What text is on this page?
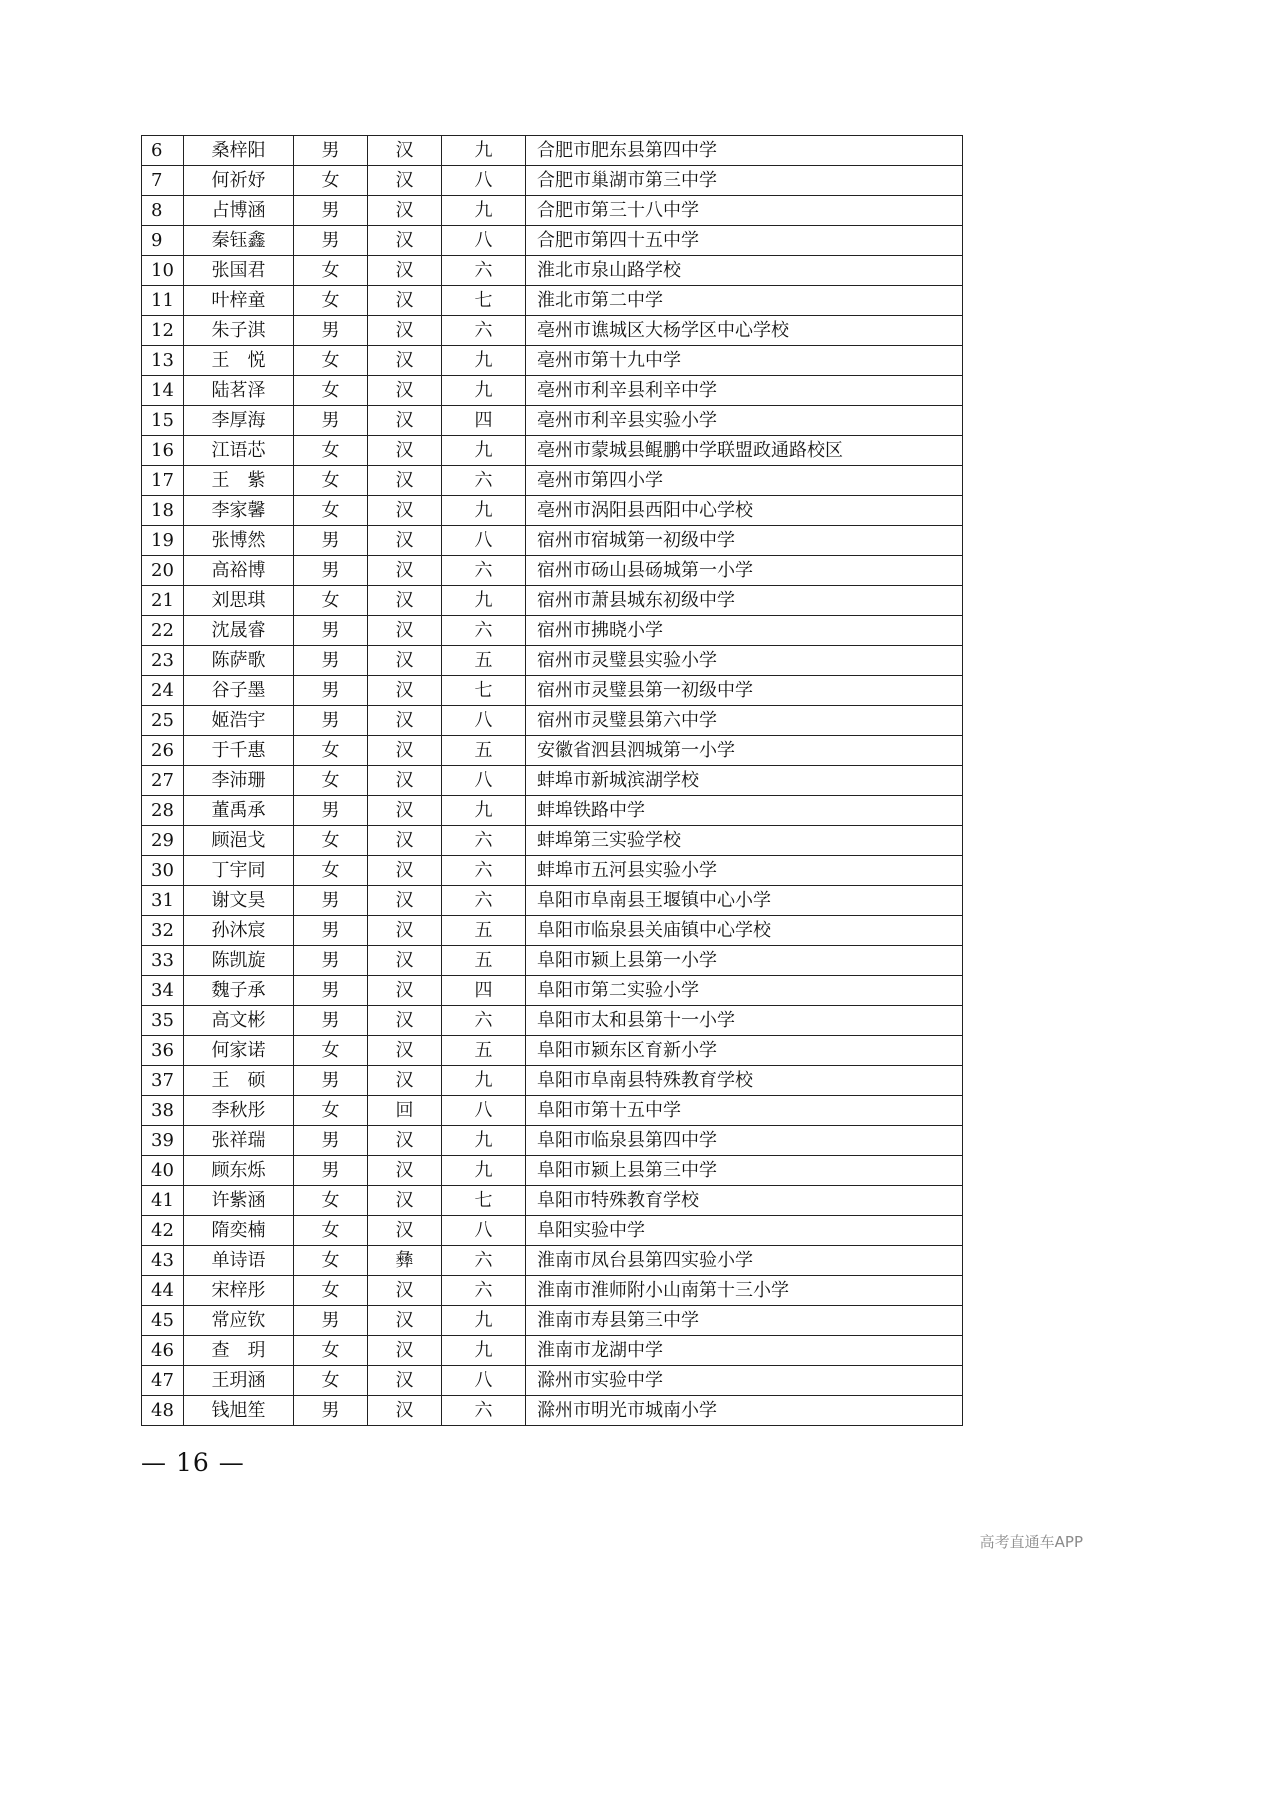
6	桑梓阳	男	汉	九	合肥市肥东县第四中学
7	何祈妤	女	汉	八	合肥市巢湖市第三中学
8	占博涵	男	汉	九	合肥市第三十八中学
9	秦钰鑫	男	汉	八	合肥市第四十五中学
10	张国君	女	汉	六	淮北市泉山路学校
11	叶梓童	女	汉	七	淮北市第二中学
12	朱子淇	男	汉	六	亳州市谯城区大杨学区中心学校
13	王　悦	女	汉	九	亳州市第十九中学
14	陆茗泽	女	汉	九	亳州市利辛县利辛中学
15	李厚海	男	汉	四	亳州市利辛县实验小学
16	江语芯	女	汉	九	亳州市蒙城县鲲鹏中学联盟政通路校区
17	王　紫	女	汉	六	亳州市第四小学
18	李家馨	女	汉	九	亳州市涡阳县西阳中心学校
19	张博然	男	汉	八	宿州市宿城第一初级中学
20	高裕博	男	汉	六	宿州市砀山县砀城第一小学
21	刘思琪	女	汉	九	宿州市萧县城东初级中学
22	沈晟睿	男	汉	六	宿州市拂晓小学
23	陈萨歌	男	汉	五	宿州市灵璧县实验小学
24	谷子墨	男	汉	七	宿州市灵璧县第一初级中学
25	姬浩宇	男	汉	八	宿州市灵璧县第六中学
26	于千惠	女	汉	五	安徽省泗县泗城第一小学
27	李沛珊	女	汉	八	蚌埠市新城滨湖学校
28	董禹承	男	汉	九	蚌埠铁路中学
29	顾浥戈	女	汉	六	蚌埠第三实验学校
30	丁宇同	女	汉	六	蚌埠市五河县实验小学
31	谢文昊	男	汉	六	阜阳市阜南县王堰镇中心小学
32	孙沐宸	男	汉	五	阜阳市临泉县关庙镇中心学校
33	陈凯旋	男	汉	五	阜阳市颍上县第一小学
34	魏子承	男	汉	四	阜阳市第二实验小学
35	高文彬	男	汉	六	阜阳市太和县第十一小学
36	何家诺	女	汉	五	阜阳市颍东区育新小学
37	王　硕	男	汉	九	阜阳市阜南县特殊教育学校
38	李秋彤	女	回	八	阜阳市第十五中学
39	张祥瑞	男	汉	九	阜阳市临泉县第四中学
40	顾东烁	男	汉	九	阜阳市颍上县第三中学
41	许紫涵	女	汉	七	阜阳市特殊教育学校
42	隋奕楠	女	汉	八	阜阳实验中学
43	单诗语	女	彝	六	淮南市凤台县第四实验小学
44	宋梓彤	女	汉	六	淮南市淮师附小山南第十三小学
45	常应钦	男	汉	九	淮南市寿县第三中学
46	查　玥	女	汉	九	淮南市龙湖中学
47	王玥涵	女	汉	八	滁州市实验中学
48	钱旭笙	男	汉	六	滁州市明光市城南小学
— 16 —
高考直通车APP
